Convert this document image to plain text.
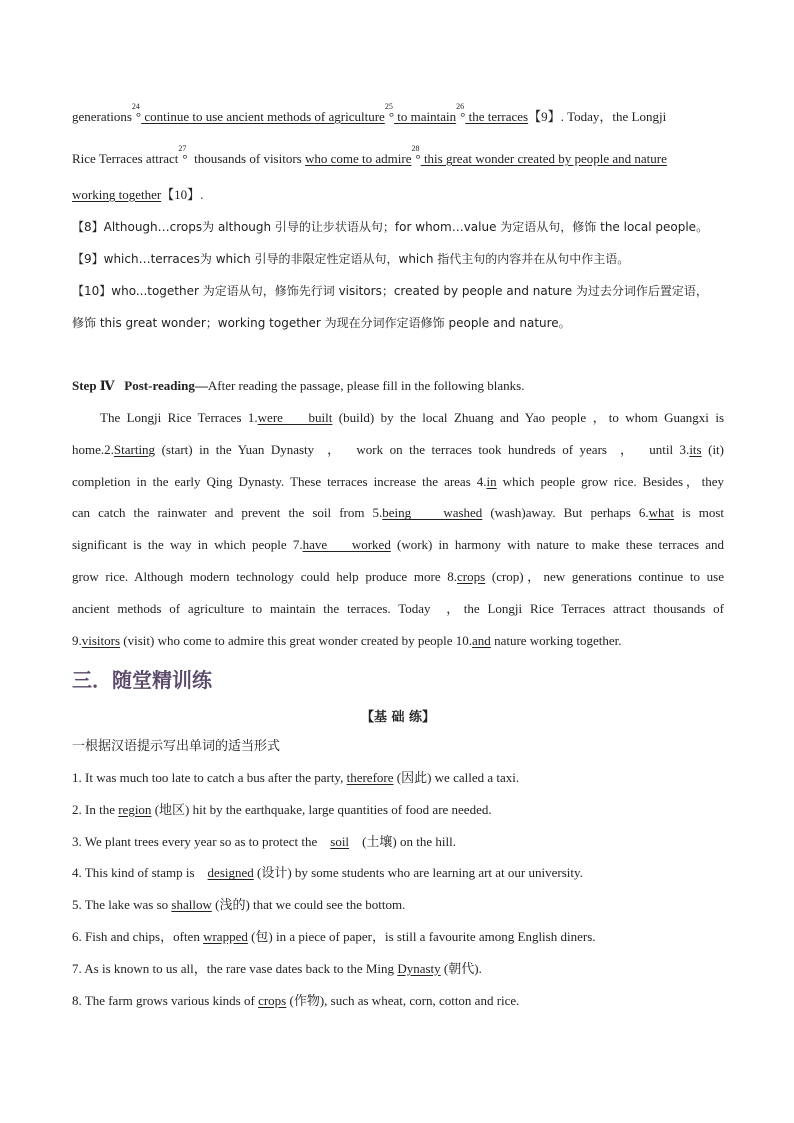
generations$^{24}$° continue to use ancient methods of agriculture$^{25}$° to maintain$^{26}$° the terraces【9】. Today，the Longji
Rice Terraces attract$^{27}$°  thousands of visitors who come to admire$^{28}$° this great wonder created by people and nature
working together【10】.
【8】Although…crops为 although 引导的让步状语从句；for whom…value 为定语从句，修饰 the local people。
【9】which…terraces为 which 引导的非限定性定语从句，which 指代主句的内容并在从句中作主语。
【10】who...together 为定语从句，修饰先行词 visitors；created by people and nature 为过去分词作后置定语，
修饰 this great wonder；working together 为现在分词作定语修饰 people and nature。
Step Ⅳ   Post-reading—After reading the passage, please fill in the following blanks.
The Longji Rice Terraces 1.were    built (build) by the local Zhuang and Yao people ，to whom Guangxi is
home.2.Starting (start) in the Yuan Dynasty  ，  work on the terraces took hundreds of years  ，  until 3.its (it)
completion in the early Qing Dynasty. These terraces increase the areas 4.in which people grow rice. Besides，they
can catch the rainwater and prevent the soil from 5.being    washed (wash)away. But perhaps 6.what is most
significant is the way in which people 7.have    worked (work) in harmony with nature to make these terraces and
grow rice. Although modern technology could help produce more 8.crops (crop)，new generations continue to use
ancient methods of agriculture to maintain the terraces. Today  ，the Longji Rice Terraces attract thousands of
9.visitors (visit) who come to admire this great wonder created by people 10.and nature working together.
三．随堂精训练
【基 础 练】
一根据汉语提示写出单词的适当形式
1. It was much too late to catch a bus after the party, therefore (因此) we called a taxi.
2. In the region (地区) hit by the earthquake, large quantities of food are needed.
3. We plant trees every year so as to protect the    soil    (土壤) on the hill.
4. This kind of stamp is    designed (设计) by some students who are learning art at our university.
5. The lake was so shallow (浅的) that we could see the bottom.
6. Fish and chips，often wrapped (包) in a piece of paper，is still a favourite among English diners.
7. As is known to us all，the rare vase dates back to the Ming Dynasty (朝代).
8. The farm grows various kinds of crops (作物), such as wheat, corn, cotton and rice.
